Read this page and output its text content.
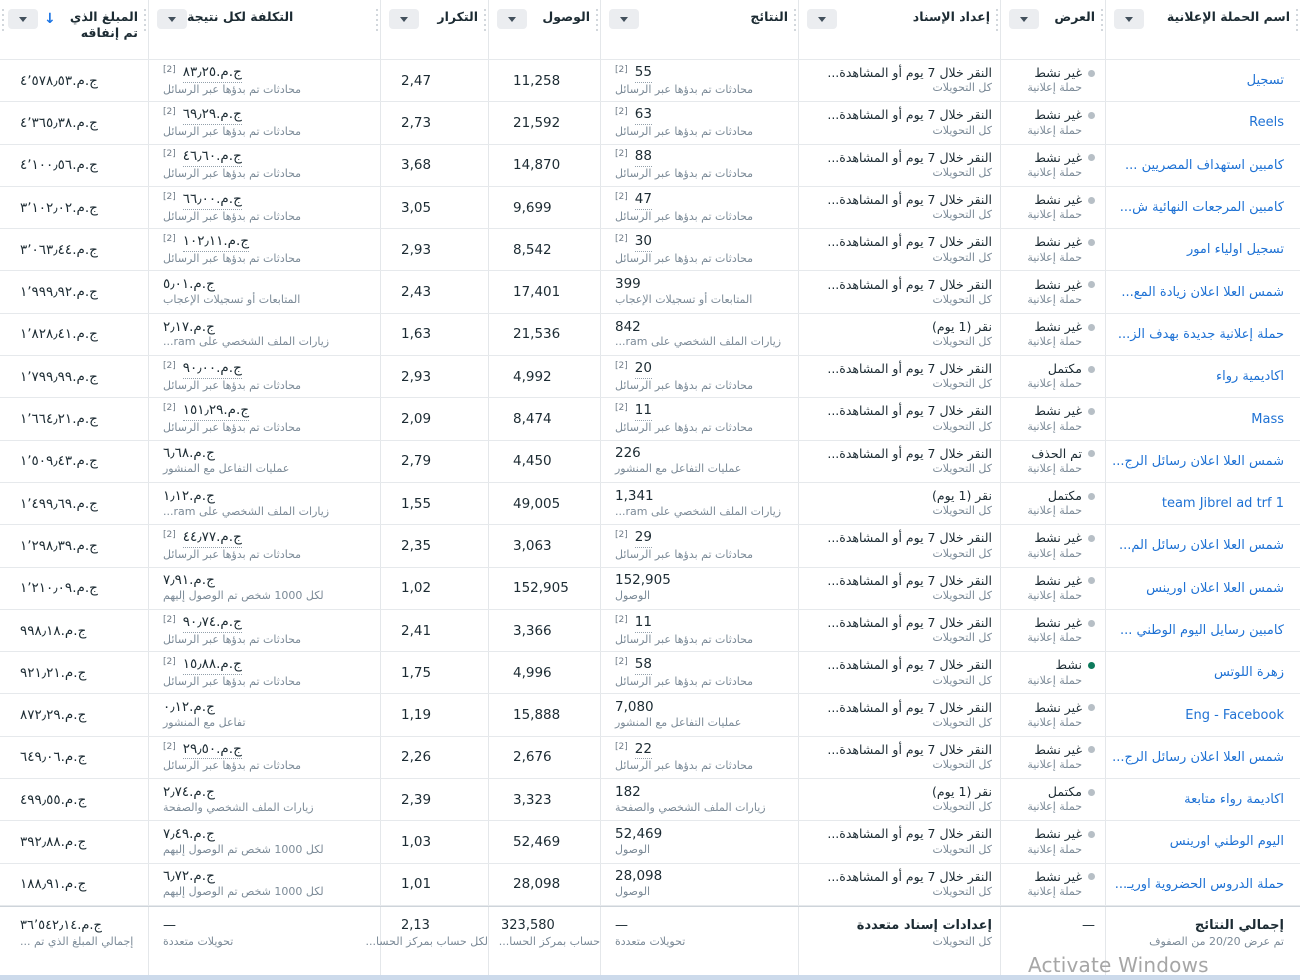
اسم الحملة الإعلانية
العرض
إعداد الإسناد
النتائج
الوصول
التكرار
التكلفة لكل نتيجة
المبلغ الذي تم إنفاقه
↓
تسجيل
غير نشط
حملة إعلانية
النقر خلال 7 يوم أو المشاهدة...
كل التحويلات
55
[2]
محادثات تم بدؤها عبر الرسائل
11,258
2,47
ج.م.٨٣٫٢٥
[2]
محادثات تم بدؤها عبر الرسائل
ج.م.٤٬٥٧٨٫٥٣
Reels
غير نشط
حملة إعلانية
النقر خلال 7 يوم أو المشاهدة...
كل التحويلات
63
[2]
محادثات تم بدؤها عبر الرسائل
21,592
2,73
ج.م.٦٩٫٢٩
[2]
محادثات تم بدؤها عبر الرسائل
ج.م.٤٬٣٦٥٫٣٨
كامبين استهداف المصريين ...
غير نشط
حملة إعلانية
النقر خلال 7 يوم أو المشاهدة...
كل التحويلات
88
[2]
محادثات تم بدؤها عبر الرسائل
14,870
3,68
ج.م.٤٦٫٦٠
[2]
محادثات تم بدؤها عبر الرسائل
ج.م.٤٬١٠٠٫٥٦
كامبين المرجعات النهائية ش...
غير نشط
حملة إعلانية
النقر خلال 7 يوم أو المشاهدة...
كل التحويلات
47
[2]
محادثات تم بدؤها عبر الرسائل
9,699
3,05
ج.م.٦٦٫٠٠
[2]
محادثات تم بدؤها عبر الرسائل
ج.م.٣٬١٠٢٫٠٢
تسجيل اولياء امور
غير نشط
حملة إعلانية
النقر خلال 7 يوم أو المشاهدة...
كل التحويلات
30
[2]
محادثات تم بدؤها عبر الرسائل
8,542
2,93
ج.م.١٠٢٫١١
[2]
محادثات تم بدؤها عبر الرسائل
ج.م.٣٬٠٦٣٫٤٤
شمس العلا اعلان زيادة المع...
غير نشط
حملة إعلانية
النقر خلال 7 يوم أو المشاهدة...
كل التحويلات
399
المتابعات أو تسجيلات الإعجاب
17,401
2,43
ج.م.٥٫٠١
المتابعات أو تسجيلات الإعجاب
ج.م.١٬٩٩٩٫٩٢
حملة إعلانية جديدة بهدف الز...
غير نشط
حملة إعلانية
نقر (1 يوم)
كل التحويلات
842
زيارات الملف الشخصي على ram...
21,536
1,63
ج.م.٢٫١٧
زيارات الملف الشخصي على ram...
ج.م.١٬٨٢٨٫٤١
اكاديمية رواء
مكتمل
حملة إعلانية
النقر خلال 7 يوم أو المشاهدة...
كل التحويلات
20
[2]
محادثات تم بدؤها عبر الرسائل
4,992
2,93
ج.م.٩٠٫٠٠
[2]
محادثات تم بدؤها عبر الرسائل
ج.م.١٬٧٩٩٫٩٩
Mass
غير نشط
حملة إعلانية
النقر خلال 7 يوم أو المشاهدة...
كل التحويلات
11
[2]
محادثات تم بدؤها عبر الرسائل
8,474
2,09
ج.م.١٥١٫٢٩
[2]
محادثات تم بدؤها عبر الرسائل
ج.م.١٬٦٦٤٫٢١
شمس العلا اعلان رسائل الرج...
تم الحذف
حملة إعلانية
النقر خلال 7 يوم أو المشاهدة...
كل التحويلات
226
عمليات التفاعل مع المنشور
4,450
2,79
ج.م.٦٫٦٨
عمليات التفاعل مع المنشور
ج.م.١٬٥٠٩٫٤٣
team Jibrel ad trf 1
مكتمل
حملة إعلانية
نقر (1 يوم)
كل التحويلات
1,341
زيارات الملف الشخصي على ram...
49,005
1,55
ج.م.١٫١٢
زيارات الملف الشخصي على ram...
ج.م.١٬٤٩٩٫٦٩
شمس العلا اعلان رسائل الم...
غير نشط
حملة إعلانية
النقر خلال 7 يوم أو المشاهدة...
كل التحويلات
29
[2]
محادثات تم بدؤها عبر الرسائل
3,063
2,35
ج.م.٤٤٫٧٧
[2]
محادثات تم بدؤها عبر الرسائل
ج.م.١٬٢٩٨٫٣٩
شمس العلا اعلان اورينس
غير نشط
حملة إعلانية
النقر خلال 7 يوم أو المشاهدة...
كل التحويلات
152,905
الوصول
152,905
1,02
ج.م.٧٫٩١
لكل 1000 شخص تم الوصول إليهم
ج.م.١٬٢١٠٫٠٩
كامبين رسايل اليوم الوطني ...
غير نشط
حملة إعلانية
النقر خلال 7 يوم أو المشاهدة...
كل التحويلات
11
[2]
محادثات تم بدؤها عبر الرسائل
3,366
2,41
ج.م.٩٠٫٧٤
[2]
محادثات تم بدؤها عبر الرسائل
ج.م.٩٩٨٫١٨
زهرة اللوتس
نشط
حملة إعلانية
النقر خلال 7 يوم أو المشاهدة...
كل التحويلات
58
[2]
محادثات تم بدؤها عبر الرسائل
4,996
1,75
ج.م.١٥٫٨٨
[2]
محادثات تم بدؤها عبر الرسائل
ج.م.٩٢١٫٢١
Eng - Facebook
غير نشط
حملة إعلانية
النقر خلال 7 يوم أو المشاهدة...
كل التحويلات
7,080
عمليات التفاعل مع المنشور
15,888
1,19
ج.م.٠٫١٢
تفاعل مع المنشور
ج.م.٨٧٢٫٢٩
شمس العلا اعلان رسائل الرج...
غير نشط
حملة إعلانية
النقر خلال 7 يوم أو المشاهدة...
كل التحويلات
22
[2]
محادثات تم بدؤها عبر الرسائل
2,676
2,26
ج.م.٢٩٫٥٠
[2]
محادثات تم بدؤها عبر الرسائل
ج.م.٦٤٩٫٠٦
اكاديمة رواء متابعة
مكتمل
حملة إعلانية
نقر (1 يوم)
كل التحويلات
182
زيارات الملف الشخصي والصفحة
3,323
2,39
ج.م.٢٫٧٤
زيارات الملف الشخصي والصفحة
ج.م.٤٩٩٫٥٥
اليوم الوطني اورينس
غير نشط
حملة إعلانية
النقر خلال 7 يوم أو المشاهدة...
كل التحويلات
52,469
الوصول
52,469
1,03
ج.م.٧٫٤٩
لكل 1000 شخص تم الوصول إليهم
ج.م.٣٩٢٫٨٨
حملة الدروس الحضروية اوريـ...
غير نشط
حملة إعلانية
النقر خلال 7 يوم أو المشاهدة...
كل التحويلات
28,098
الوصول
28,098
1,01
ج.م.٦٫٧٢
لكل 1000 شخص تم الوصول إليهم
ج.م.١٨٨٫٩١
إجمالي النتائج
تم عرض 20/20 من الصفوف
—
إعدادات إسناد متعددة
كل التحويلات
—
تحويلات متعددة
323,580
حساب بمركز الحسا...
2,13
لكل حساب بمركز الحسا...
—
تحويلات متعددة
ج.م.٣٦٬٥٤٢٫١٤
إجمالي المبلغ الذي تم ...
Activate Windows
